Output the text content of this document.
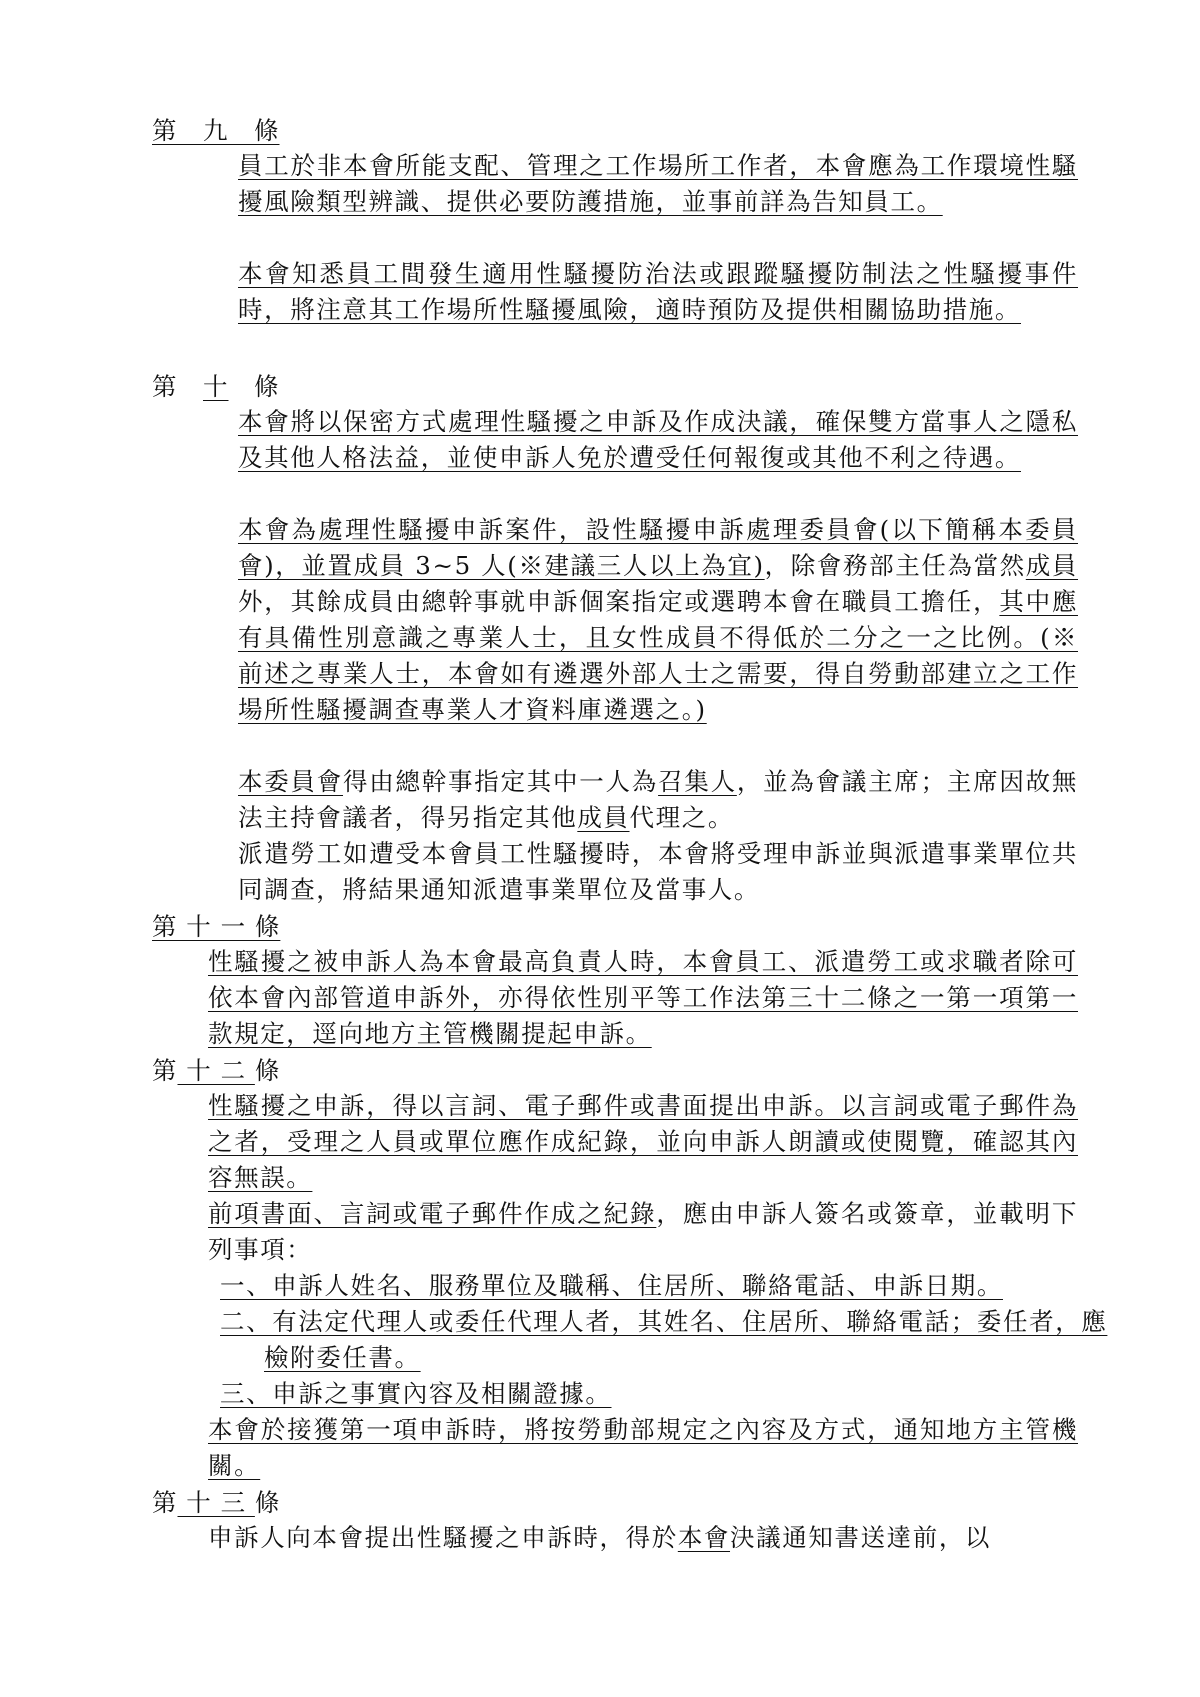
第　九　條
員工於非本會所能支配、管理之工作場所工作者，本會應為工作環境性騷擾風險類型辨識、提供必要防護措施，並事前詳為告知員工。
本會知悉員工間發生適用性騷擾防治法或跟蹤騷擾防制法之性騷擾事件時，將注意其工作場所性騷擾風險，適時預防及提供相關協助措施。
第　十　條
本會將以保密方式處理性騷擾之申訴及作成決議，確保雙方當事人之隱私及其他人格法益，並使申訴人免於遭受任何報復或其他不利之待遇。
本會為處理性騷擾申訴案件，設性騷擾申訴處理委員會(以下簡稱本委員會)，並置成員 3~5 人(※建議三人以上為宜)，除會務部主任為當然成員外，其餘成員由總幹事就申訴個案指定或選聘本會在職員工擔任，其中應有具備性別意識之專業人士，且女性成員不得低於二分之一之比例。(※前述之專業人士，本會如有遴選外部人士之需要，得自勞動部建立之工作場所性騷擾調查專業人才資料庫遴選之。)
本委員會得由總幹事指定其中一人為召集人，並為會議主席；主席因故無法主持會議者，得另指定其他成員代理之。
派遣勞工如遭受本會員工性騷擾時，本會將受理申訴並與派遣事業單位共同調查，將結果通知派遣事業單位及當事人。
第 十 一 條
性騷擾之被申訴人為本會最高負責人時，本會員工、派遣勞工或求職者除可依本會內部管道申訴外，亦得依性別平等工作法第三十二條之一第一項第一款規定，逕向地方主管機關提起申訴。
第 十 二 條
性騷擾之申訴，得以言詞、電子郵件或書面提出申訴。以言詞或電子郵件為之者，受理之人員或單位應作成紀錄，並向申訴人朗讀或使閱覽，確認其內容無誤。
前項書面、言詞或電子郵件作成之紀錄，應由申訴人簽名或簽章，並載明下列事項：
一、申訴人姓名、服務單位及職稱、住居所、聯絡電話、申訴日期。
二、有法定代理人或委任代理人者，其姓名、住居所、聯絡電話；委任者，應檢附委任書。
三、申訴之事實內容及相關證據。
本會於接獲第一項申訴時，將按勞動部規定之內容及方式，通知地方主管機關。
第 十 三 條
申訴人向本會提出性騷擾之申訴時，得於本會決議通知書送達前，以
